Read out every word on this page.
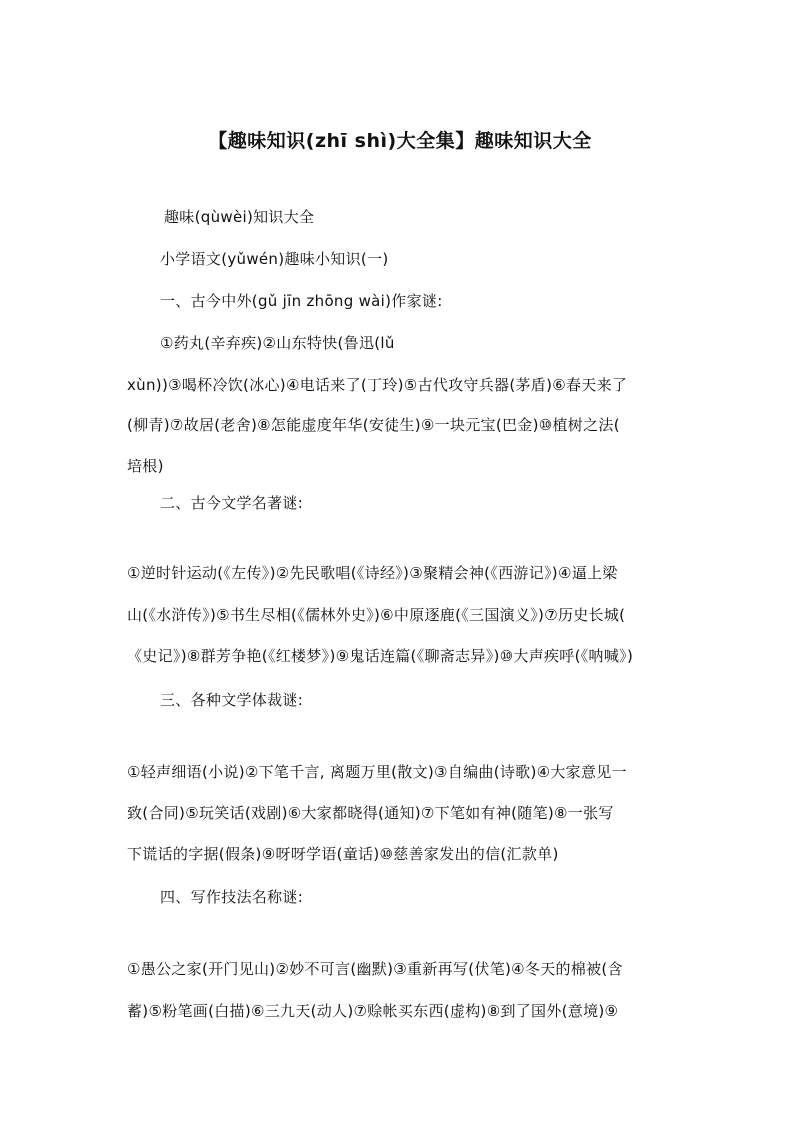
【趣味知识(zhī shì)大全集】趣味知识大全
趣味(qùwèi)知识大全
小学语文(yǔwén)趣味小知识(一)
一、古今中外(gǔ jīn zhōng wài)作家谜:
①药丸(辛弃疾)②山东特快(鲁迅(lǔ
xùn))③喝杯冷饮(冰心)④电话来了(丁玲)⑤古代攻守兵器(茅盾)⑥春天来了
(柳青)⑦故居(老舍)⑧怎能虚度年华(安徒生)⑨一块元宝(巴金)⑩植树之法(
培根)
二、古今文学名著谜:
①逆时针运动(《左传》)②先民歌唱(《诗经》)③聚精会神(《西游记》)④逼上梁
山(《水浒传》)⑤书生尽相(《儒林外史》)⑥中原逐鹿(《三国演义》)⑦历史长城(
《史记》)⑧群芳争艳(《红楼梦》)⑨鬼话连篇(《聊斋志异》)⑩大声疾呼(《呐喊》)
三、各种文学体裁谜:
①轻声细语(小说)②下笔千言, 离题万里(散文)③自编曲(诗歌)④大家意见一
致(合同)⑤玩笑话(戏剧)⑥大家都晓得(通知)⑦下笔如有神(随笔)⑧一张写
下谎话的字据(假条)⑨呀呀学语(童话)⑩慈善家发出的信(汇款单)
四、写作技法名称谜:
①愚公之家(开门见山)②妙不可言(幽默)③重新再写(伏笔)④冬天的棉被(含
蓄)⑤粉笔画(白描)⑥三九天(动人)⑦赊帐买东西(虚构)⑧到了国外(意境)⑨
